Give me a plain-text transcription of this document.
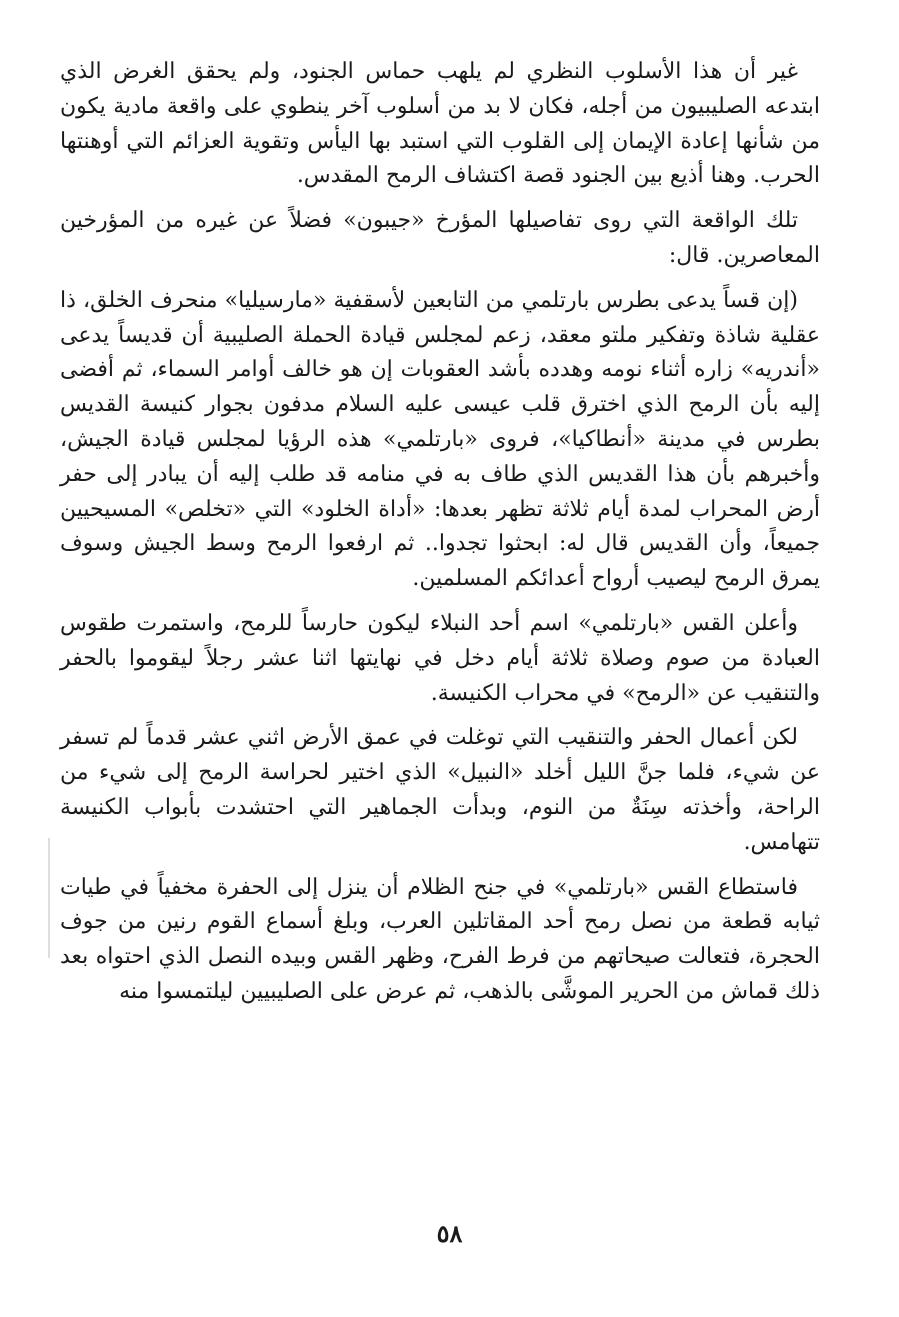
غير أن هذا الأسلوب النظري لم يلهب حماس الجنود، ولم يحقق الغرض الذي ابتدعه الصليبيون من أجله، فكان لا بد من أسلوب آخر ينطوي على واقعة مادية يكون من شأنها إعادة الإيمان إلى القلوب التي استبد بها اليأس وتقوية العزائم التي أوهنتها الحرب. وهنا أذيع بين الجنود قصة اكتشاف الرمح المقدس.

تلك الواقعة التي روى تفاصيلها المؤرخ «جيبون» فضلاً عن غيره من المؤرخين المعاصرين. قال:

(إن قساً يدعى بطرس بارتلمي من التابعين لأسقفية «مارسيليا» منحرف الخلق، ذا عقلية شاذة وتفكير ملتو معقد، زعم لمجلس قيادة الحملة الصليبية أن قديساً يدعى «أندريه» زاره أثناء نومه وهدده بأشد العقوبات إن هو خالف أوامر السماء، ثم أفضى إليه بأن الرمح الذي اخترق قلب عيسى عليه السلام مدفون بجوار كنيسة القديس بطرس في مدينة «أنطاكيا»، فروى «بارتلمي» هذه الرؤيا لمجلس قيادة الجيش، وأخبرهم بأن هذا القديس الذي طاف به في منامه قد طلب إليه أن يبادر إلى حفر أرض المحراب لمدة أيام ثلاثة تظهر بعدها: «أداة الخلود» التي «تخلص» المسيحيين جميعاً، وأن القديس قال له: ابحثوا تجدوا.. ثم ارفعوا الرمح وسط الجيش وسوف يمرق الرمح ليصيب أرواح أعدائكم المسلمين.

وأعلن القس «بارتلمي» اسم أحد النبلاء ليكون حارساً للرمح، واستمرت طقوس العبادة من صوم وصلاة ثلاثة أيام دخل في نهايتها اثنا عشر رجلاً ليقوموا بالحفر والتنقيب عن «الرمح» في محراب الكنيسة.

لكن أعمال الحفر والتنقيب التي توغلت في عمق الأرض اثني عشر قدماً لم تسفر عن شيء، فلما جنَّ الليل أخلد «النبيل» الذي اختير لحراسة الرمح إلى شيء من الراحة، وأخذته سِنَةٌ من النوم، وبدأت الجماهير التي احتشدت بأبواب الكنيسة تتهامس.

فاستطاع القس «بارتلمي» في جنح الظلام أن ينزل إلى الحفرة مخفياً في طيات ثيابه قطعة من نصل رمح أحد المقاتلين العرب، وبلغ أسماع القوم رنين من جوف الحجرة، فتعالت صيحاتهم من فرط الفرح، وظهر القس وبيده النصل الذي احتواه بعد ذلك قماش من الحرير الموشَّى بالذهب، ثم عرض على الصليبيين ليلتمسوا منه

٥٨
